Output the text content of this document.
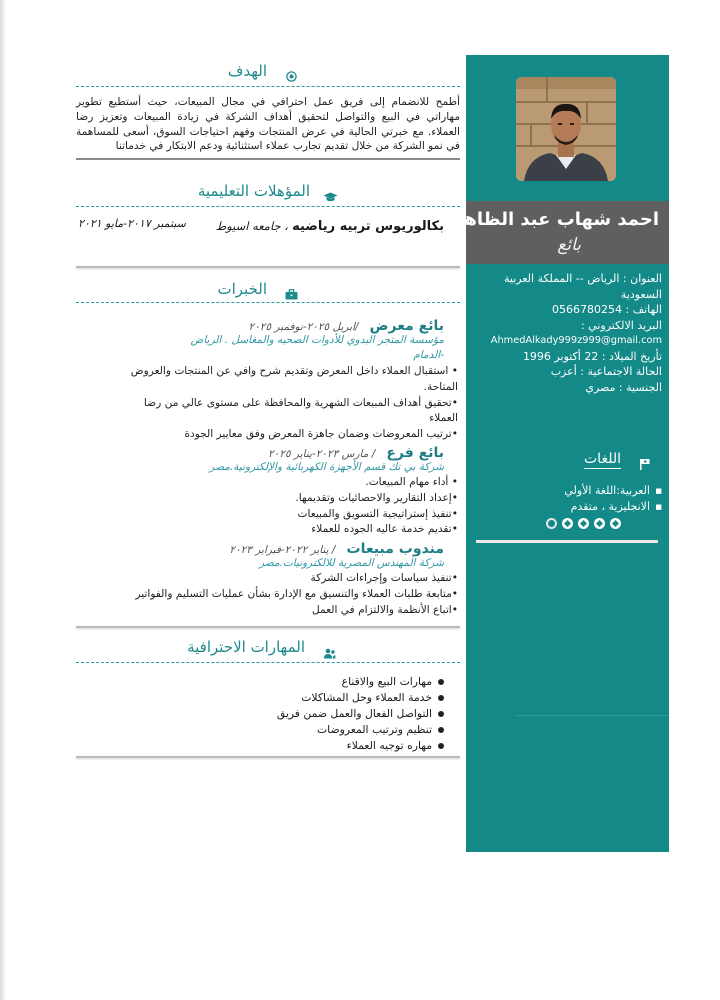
احمد شهاب عبد الظاهر
بائع
العنوان : الرياض -- المملكة العربية السعودية
الهاتف : 0566780254
البريد الالكتروني :
AhmedAlkady999z999@gmail.com
تأريخ الميلاد : 22 أكتوبر 1996
الحالة الاجتماعية : أعزب
الجنسية : مصري
اللغات
■ العربية:اللغة الأولي
■ الانجليزية ، متقدم
الهدف
أطمح للانضمام إلى فريق عمل احترافي في مجال المبيعات، حيث أستطيع تطوير مهاراتي في البيع والتواصل لتحقيق أهداف الشركة في زيادة المبيعات وتعزيز رضا العملاء. مع خبرتي الحالية في عرض المنتجات وفهم احتياجات السوق، أسعى للمساهمة في نمو الشركة من خلال تقديم تجارب عملاء استثنائية ودعم الابتكار في خدماتنا
المؤهلات التعليمية
بكالوريوس تربيه رياضيه ، جامعه اسيوط
سبتمبر ٢٠١٧-مايو ٢٠٢١
الخبرات
بائع معرض /ابريل ٢٠٢٥-نوفمبر ٢٠٢٥
مؤسسة المتجر البدوي للأدوات الصحيه والمغاسل . الرياض
-الدمام
• استقبال العملاء داخل المعرض وتقديم شرح وافي عن المنتجات والعروض
المتاحة.
•تحقيق أهداف المبيعات الشهرية والمحافظة على مستوى عالي من رضا
العملاء
•ترتيب المعروضات وضمان جاهزة المعرض وفق معايير الجودة
بائع فرع / مارس ٢٠٢٣-يناير ٢٠٢٥
شركة بي تك قسم الأجهزة الكهربائية والإلكترونية.مصر
• أداء مهام المبيعات.
•إعداد التقارير والاحصائيات وتقديمها.
•تنفيذ إستراتيجية التسويق والمبيعات
•تقديم خدمة عاليه الجوده للعملاء
مندوب مبيعات / يناير ٢٠٢٢-فبراير ٢٠٢٣
شركة المهندس المصرية للالكترونيات.مصر
•تنفيذ سياسات وإجراءات الشركة
•متابعة طلبات العملاء والتنسيق مع الإدارة بشأن عمليات التسليم والفواتير
•اتباع الأنظمة والالتزام في العمل
المهارات الاحترافية
مهارات البيع والاقناع
خدمة العملاء وحل المشاكلات
التواصل الفعال والعمل ضمن فريق
تنظيم وترتيب المعروضات
مهاره توجيه العملاء
